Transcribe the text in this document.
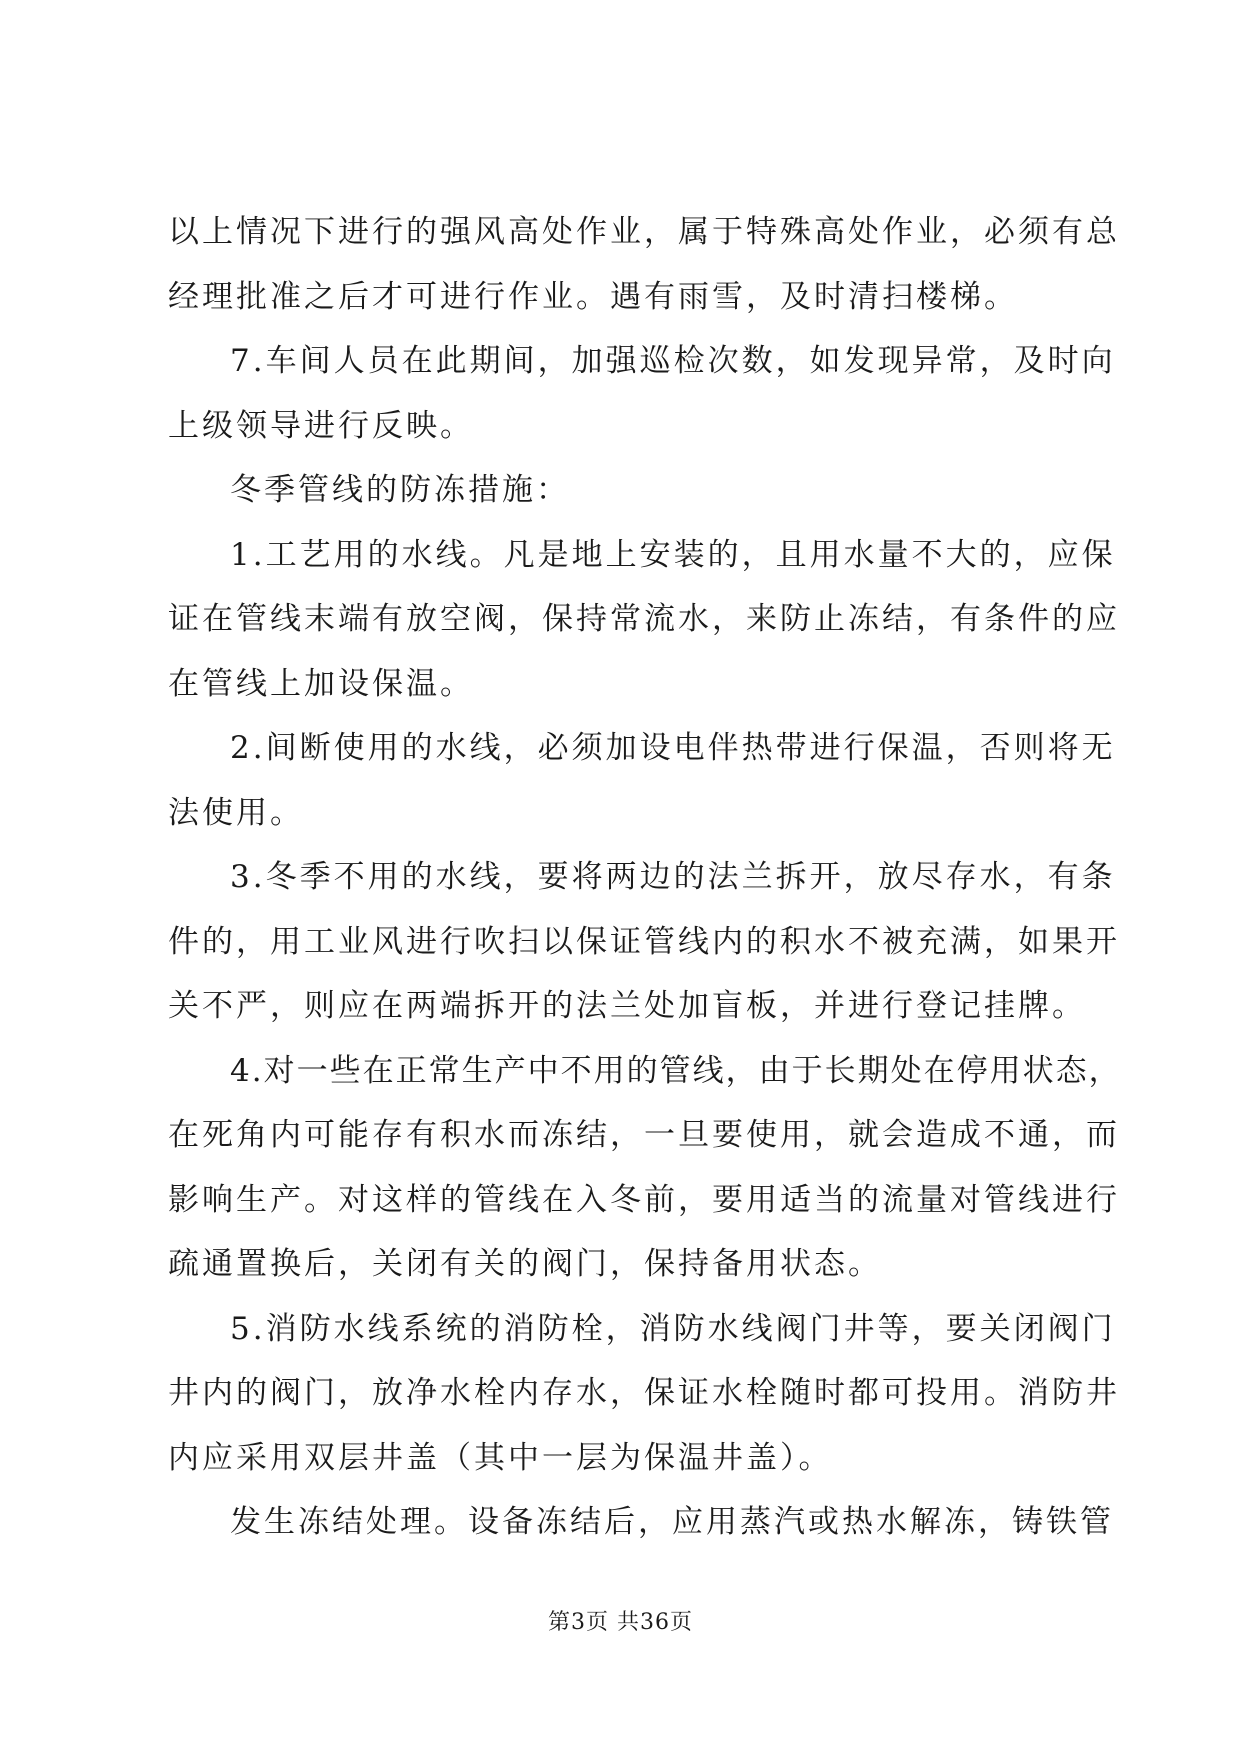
以上情况下进行的强风高处作业，属于特殊高处作业，必须有总
经理批准之后才可进行作业。遇有雨雪，及时清扫楼梯。
7.车间人员在此期间，加强巡检次数，如发现异常，及时向
上级领导进行反映。
冬季管线的防冻措施：
1.工艺用的水线。凡是地上安装的，且用水量不大的，应保
证在管线末端有放空阀，保持常流水，来防止冻结，有条件的应
在管线上加设保温。
2.间断使用的水线，必须加设电伴热带进行保温，否则将无
法使用。
3.冬季不用的水线，要将两边的法兰拆开，放尽存水，有条
件的，用工业风进行吹扫以保证管线内的积水不被充满，如果开
关不严，则应在两端拆开的法兰处加盲板，并进行登记挂牌。
4.对一些在正常生产中不用的管线，由于长期处在停用状态，
在死角内可能存有积水而冻结，一旦要使用，就会造成不通，而
影响生产。对这样的管线在入冬前，要用适当的流量对管线进行
疏通置换后，关闭有关的阀门，保持备用状态。
5.消防水线系统的消防栓，消防水线阀门井等，要关闭阀门
井内的阀门，放净水栓内存水，保证水栓随时都可投用。消防井
内应采用双层井盖（其中一层为保温井盖）。
发生冻结处理。设备冻结后，应用蒸汽或热水解冻，铸铁管
第3页 共36页
